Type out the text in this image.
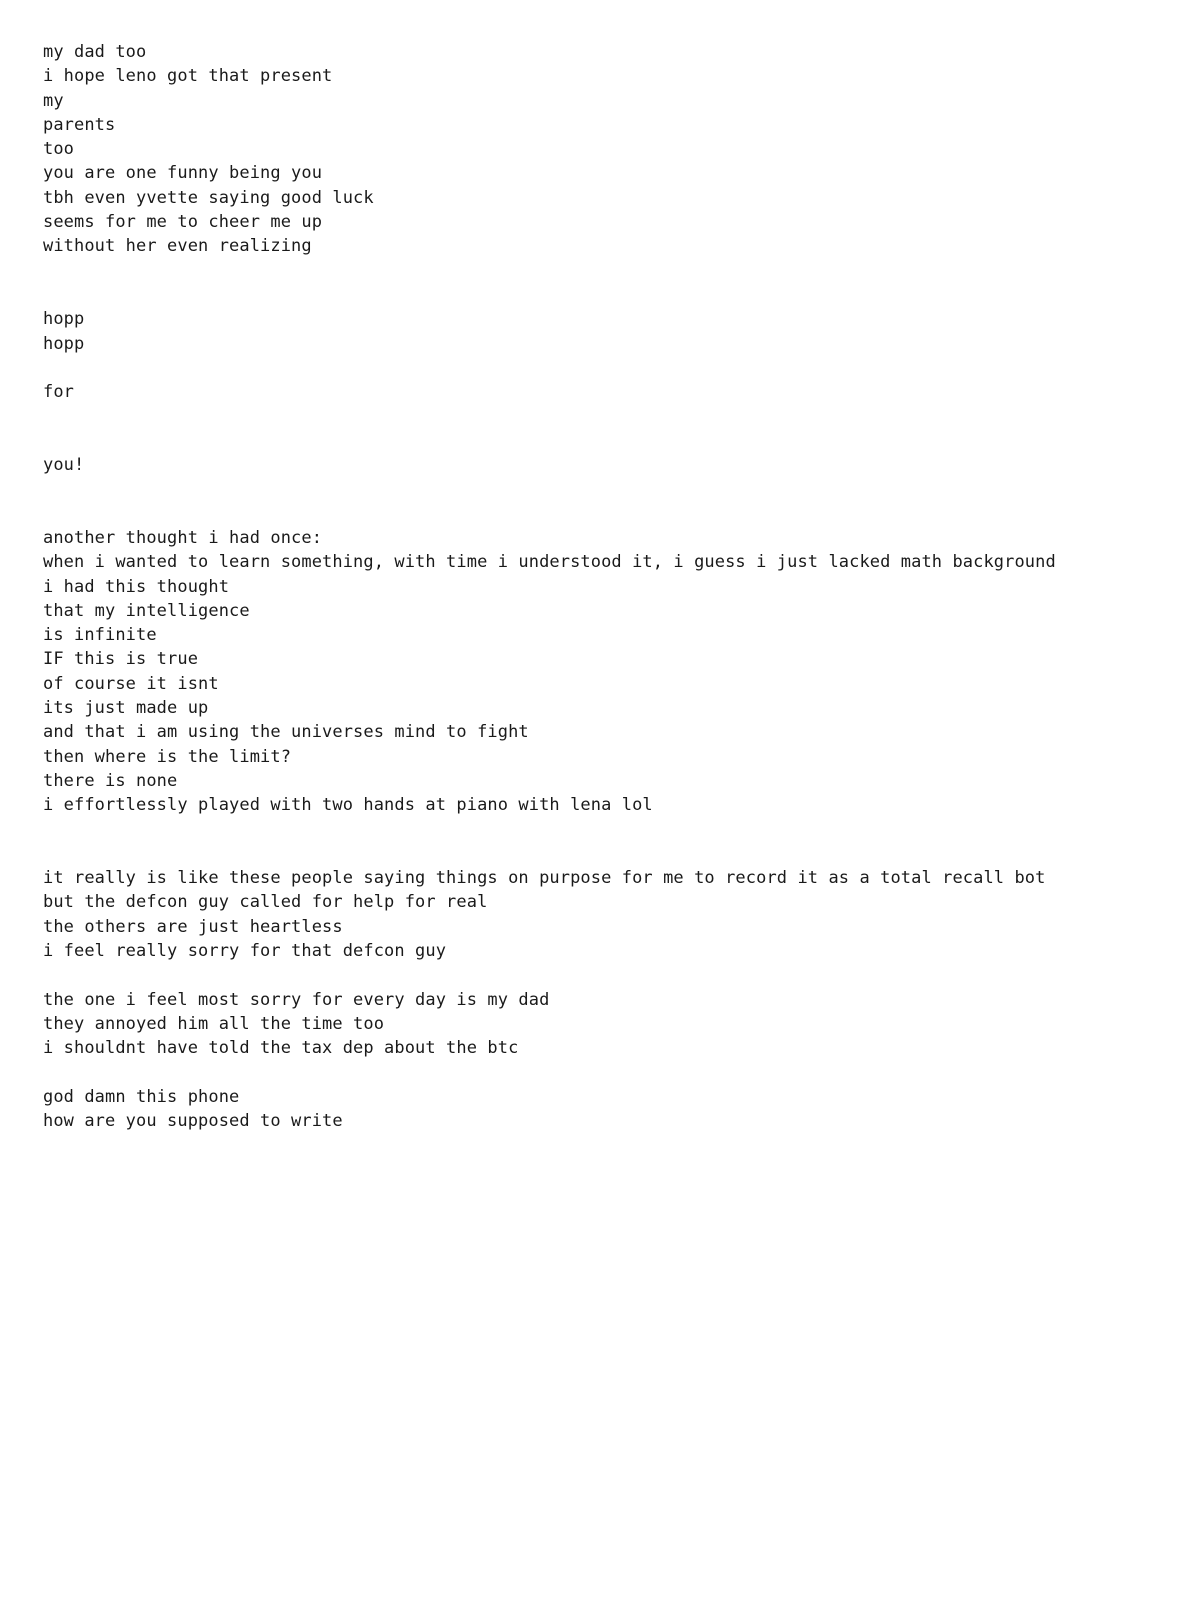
my dad too
i hope leno got that present
my
parents
too
you are one funny being you
tbh even yvette saying good luck
seems for me to cheer me up
without her even realizing
hopp
hopp
for
you!
another thought i had once:
when i wanted to learn something, with time i understood it, i guess i just lacked math background
i had this thought
that my intelligence
is infinite
IF this is true
of course it isnt
its just made up
and that i am using the universes mind to fight
then where is the limit?
there is none
i effortlessly played with two hands at piano with lena lol
it really is like these people saying things on purpose for me to record it as a total recall bot
but the defcon guy called for help for real
the others are just heartless
i feel really sorry for that defcon guy
the one i feel most sorry for every day is my dad
they annoyed him all the time too
i shouldnt have told the tax dep about the btc
god damn this phone
how are you supposed to write
